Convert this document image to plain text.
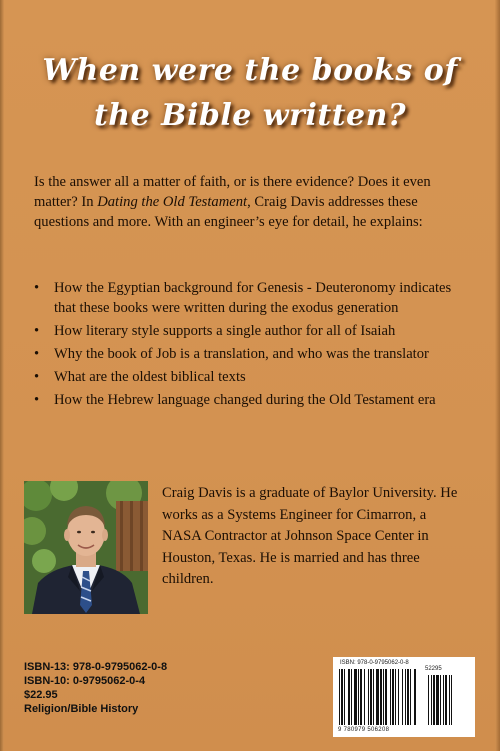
When were the books of the Bible written?

Is the answer all a matter of faith, or is there evidence? Does it even matter? In Dating the Old Testament, Craig Davis addresses these questions and more. With an engineer’s eye for detail, he explains:

• How the Egyptian background for Genesis - Deuteronomy indicates that these books were written during the exodus generation
• How literary style supports a single author for all of Isaiah
• Why the book of Job is a translation, and who was the translator
• What are the oldest biblical texts
• How the Hebrew language changed during the Old Testament era

Craig Davis is a graduate of Baylor University. He works as a Systems Engineer for Cimarron, a NASA Contractor at Johnson Space Center in Houston, Texas. He is married and has three children.

ISBN-13: 978-0-9795062-0-8
ISBN-10: 0-9795062-0-4
$22.95
Religion/Bible History
ISBN: 978-0-9795062-0-8
52295
9 780979 506208
